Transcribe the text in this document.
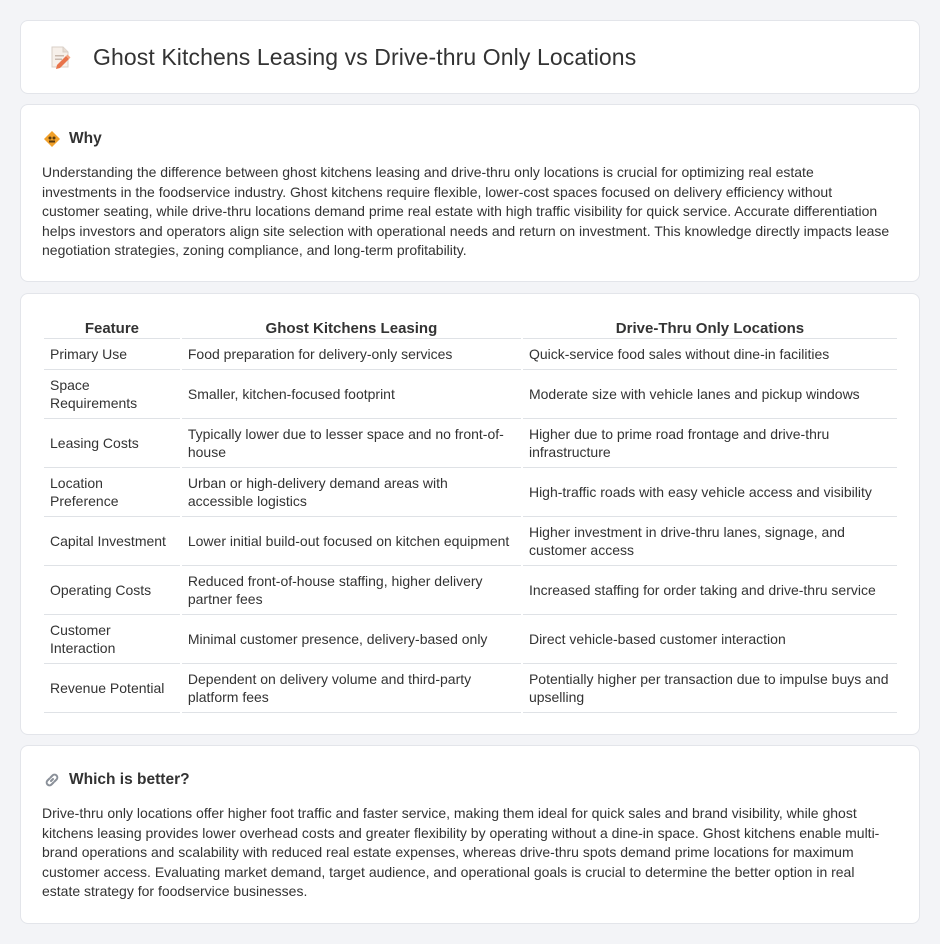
Ghost Kitchens Leasing vs Drive-thru Only Locations
Why

Understanding the difference between ghost kitchens leasing and drive-thru only locations is crucial for optimizing real estate investments in the foodservice industry. Ghost kitchens require flexible, lower-cost spaces focused on delivery efficiency without customer seating, while drive-thru locations demand prime real estate with high traffic visibility for quick service. Accurate differentiation helps investors and operators align site selection with operational needs and return on investment. This knowledge directly impacts lease negotiation strategies, zoning compliance, and long-term profitability.

Feature	Ghost Kitchens Leasing	Drive-Thru Only Locations
Primary Use	Food preparation for delivery-only services	Quick-service food sales without dine-in facilities
Space Requirements	Smaller, kitchen-focused footprint	Moderate size with vehicle lanes and pickup windows
Leasing Costs	Typically lower due to lesser space and no front-of-house	Higher due to prime road frontage and drive-thru infrastructure
Location Preference	Urban or high-delivery demand areas with accessible logistics	High-traffic roads with easy vehicle access and visibility
Capital Investment	Lower initial build-out focused on kitchen equipment	Higher investment in drive-thru lanes, signage, and customer access
Operating Costs	Reduced front-of-house staffing, higher delivery partner fees	Increased staffing for order taking and drive-thru service
Customer Interaction	Minimal customer presence, delivery-based only	Direct vehicle-based customer interaction
Revenue Potential	Dependent on delivery volume and third-party platform fees	Potentially higher per transaction due to impulse buys and upselling
Which is better?

Drive-thru only locations offer higher foot traffic and faster service, making them ideal for quick sales and brand visibility, while ghost kitchens leasing provides lower overhead costs and greater flexibility by operating without a dine-in space. Ghost kitchens enable multi-brand operations and scalability with reduced real estate expenses, whereas drive-thru spots demand prime locations for maximum customer access. Evaluating market demand, target audience, and operational goals is crucial to determine the better option in real estate strategy for foodservice businesses.
